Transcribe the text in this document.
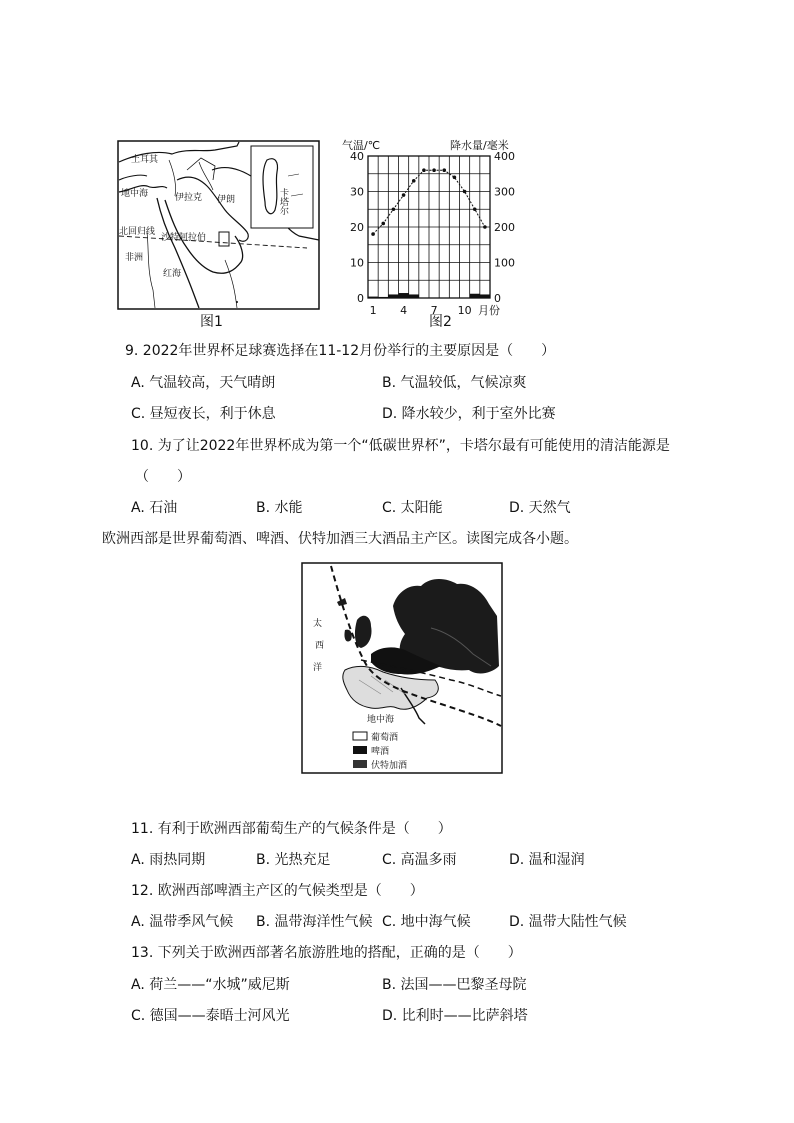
土耳其
地中海	伊拉克 伊朗
沙特阿拉伯
非洲
红海
北回归线
卡塔尔
图1
气温/℃	降水量/毫米
0
10
20
30
40
0
100
200
300
400
1 4 7 10 月份
图2
9. 2022年世界杯足球赛选择在11-12月份举行的主要原因是（　　）
A. 气温较高，天气晴朗	B. 气温较低，气候凉爽
C. 昼短夜长，利于休息	D. 降水较少，利于室外比赛
10. 为了让2022年世界杯成为第一个“低碳世界杯”，卡塔尔最有可能使用的清洁能源是
（　　）
A. 石油	B. 水能	C. 太阳能	D. 天然气
欧洲西部是世界葡萄酒、啤酒、伏特加酒三大酒品主产区。读图完成各小题。
太
西
洋
地中海
葡萄酒
啤酒
伏特加酒
11. 有利于欧洲西部葡萄生产的气候条件是（　　）
A. 雨热同期	B. 光热充足	C. 高温多雨	D. 温和湿润
12. 欧洲西部啤酒主产区的气候类型是（　　）
A. 温带季风气候 B. 温带海洋性气候 C. 地中海气候	D. 温带大陆性气候
13. 下列关于欧洲西部著名旅游胜地的搭配，正确的是（　　）
A. 荷兰——“水城”威尼斯	B. 法国——巴黎圣母院
C. 德国——泰晤士河风光	D. 比利时——比萨斜塔
